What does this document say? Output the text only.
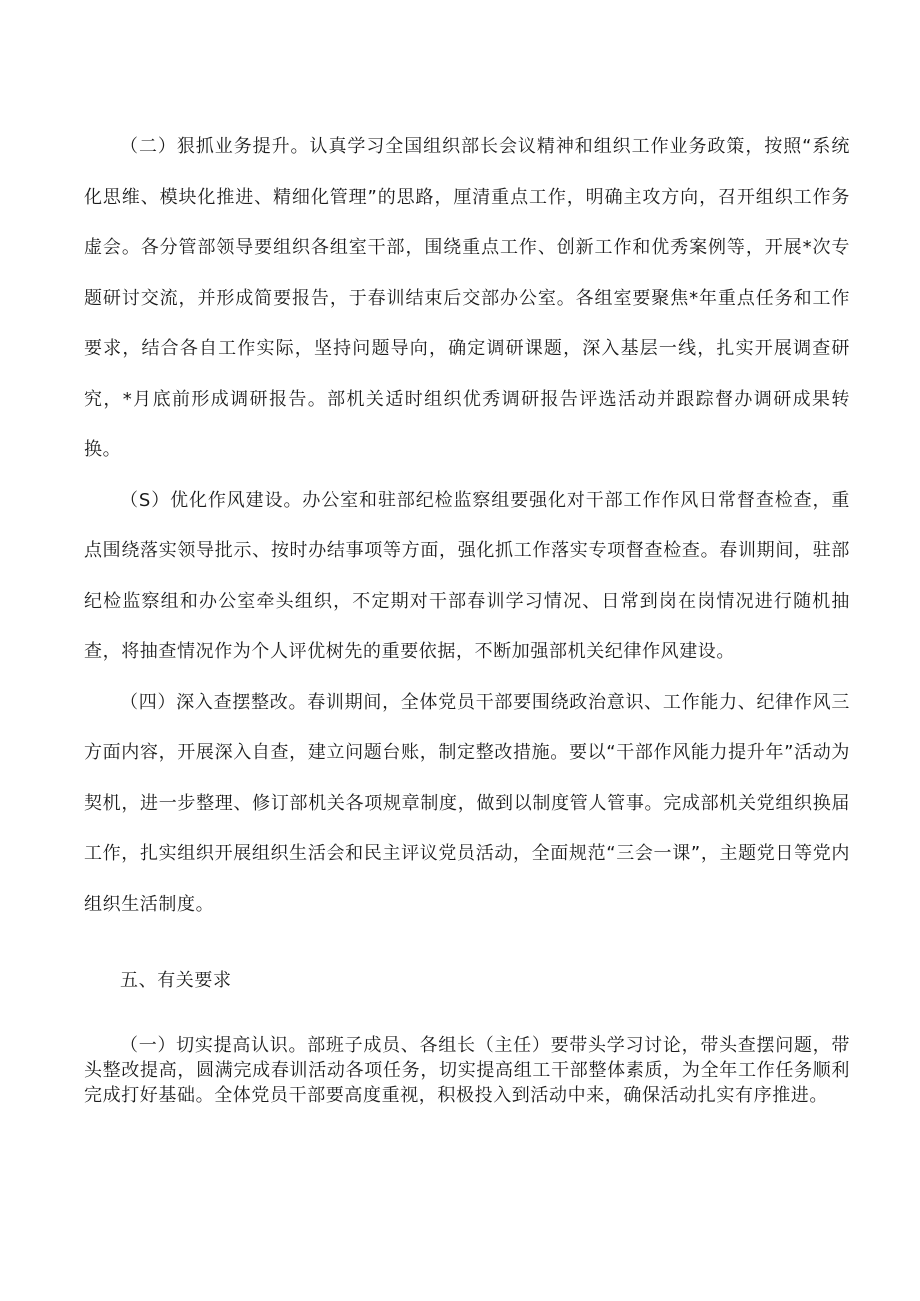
（二）狠抓业务提升。认真学习全国组织部长会议精神和组织工作业务政策，按照“系统化思维、模块化推进、精细化管理”的思路，厘清重点工作，明确主攻方向，召开组织工作务虚会。各分管部领导要组织各组室干部，围绕重点工作、创新工作和优秀案例等，开展*次专题研讨交流，并形成简要报告，于春训结束后交部办公室。各组室要聚焦*年重点任务和工作要求，结合各自工作实际，坚持问题导向，确定调研课题，深入基层一线，扎实开展调查研究，*月底前形成调研报告。部机关适时组织优秀调研报告评选活动并跟踪督办调研成果转换。

（S）优化作风建设。办公室和驻部纪检监察组要强化对干部工作作风日常督查检查，重点围绕落实领导批示、按时办结事项等方面，强化抓工作落实专项督查检查。春训期间，驻部纪检监察组和办公室牵头组织，不定期对干部春训学习情况、日常到岗在岗情况进行随机抽查，将抽查情况作为个人评优树先的重要依据，不断加强部机关纪律作风建设。

（四）深入查摆整改。春训期间，全体党员干部要围绕政治意识、工作能力、纪律作风三方面内容，开展深入自查，建立问题台账，制定整改措施。要以“干部作风能力提升年”活动为契机，进一步整理、修订部机关各项规章制度，做到以制度管人管事。完成部机关党组织换届工作，扎实组织开展组织生活会和民主评议党员活动，全面规范“三会一课”，主题党日等党内组织生活制度。

五、有关要求

（一）切实提高认识。部班子成员、各组长（主任）要带头学习讨论，带头查摆问题，带头整改提高，圆满完成春训活动各项任务，切实提高组工干部整体素质，为全年工作任务顺利完成打好基础。全体党员干部要高度重视，积极投入到活动中来，确保活动扎实有序推进。
